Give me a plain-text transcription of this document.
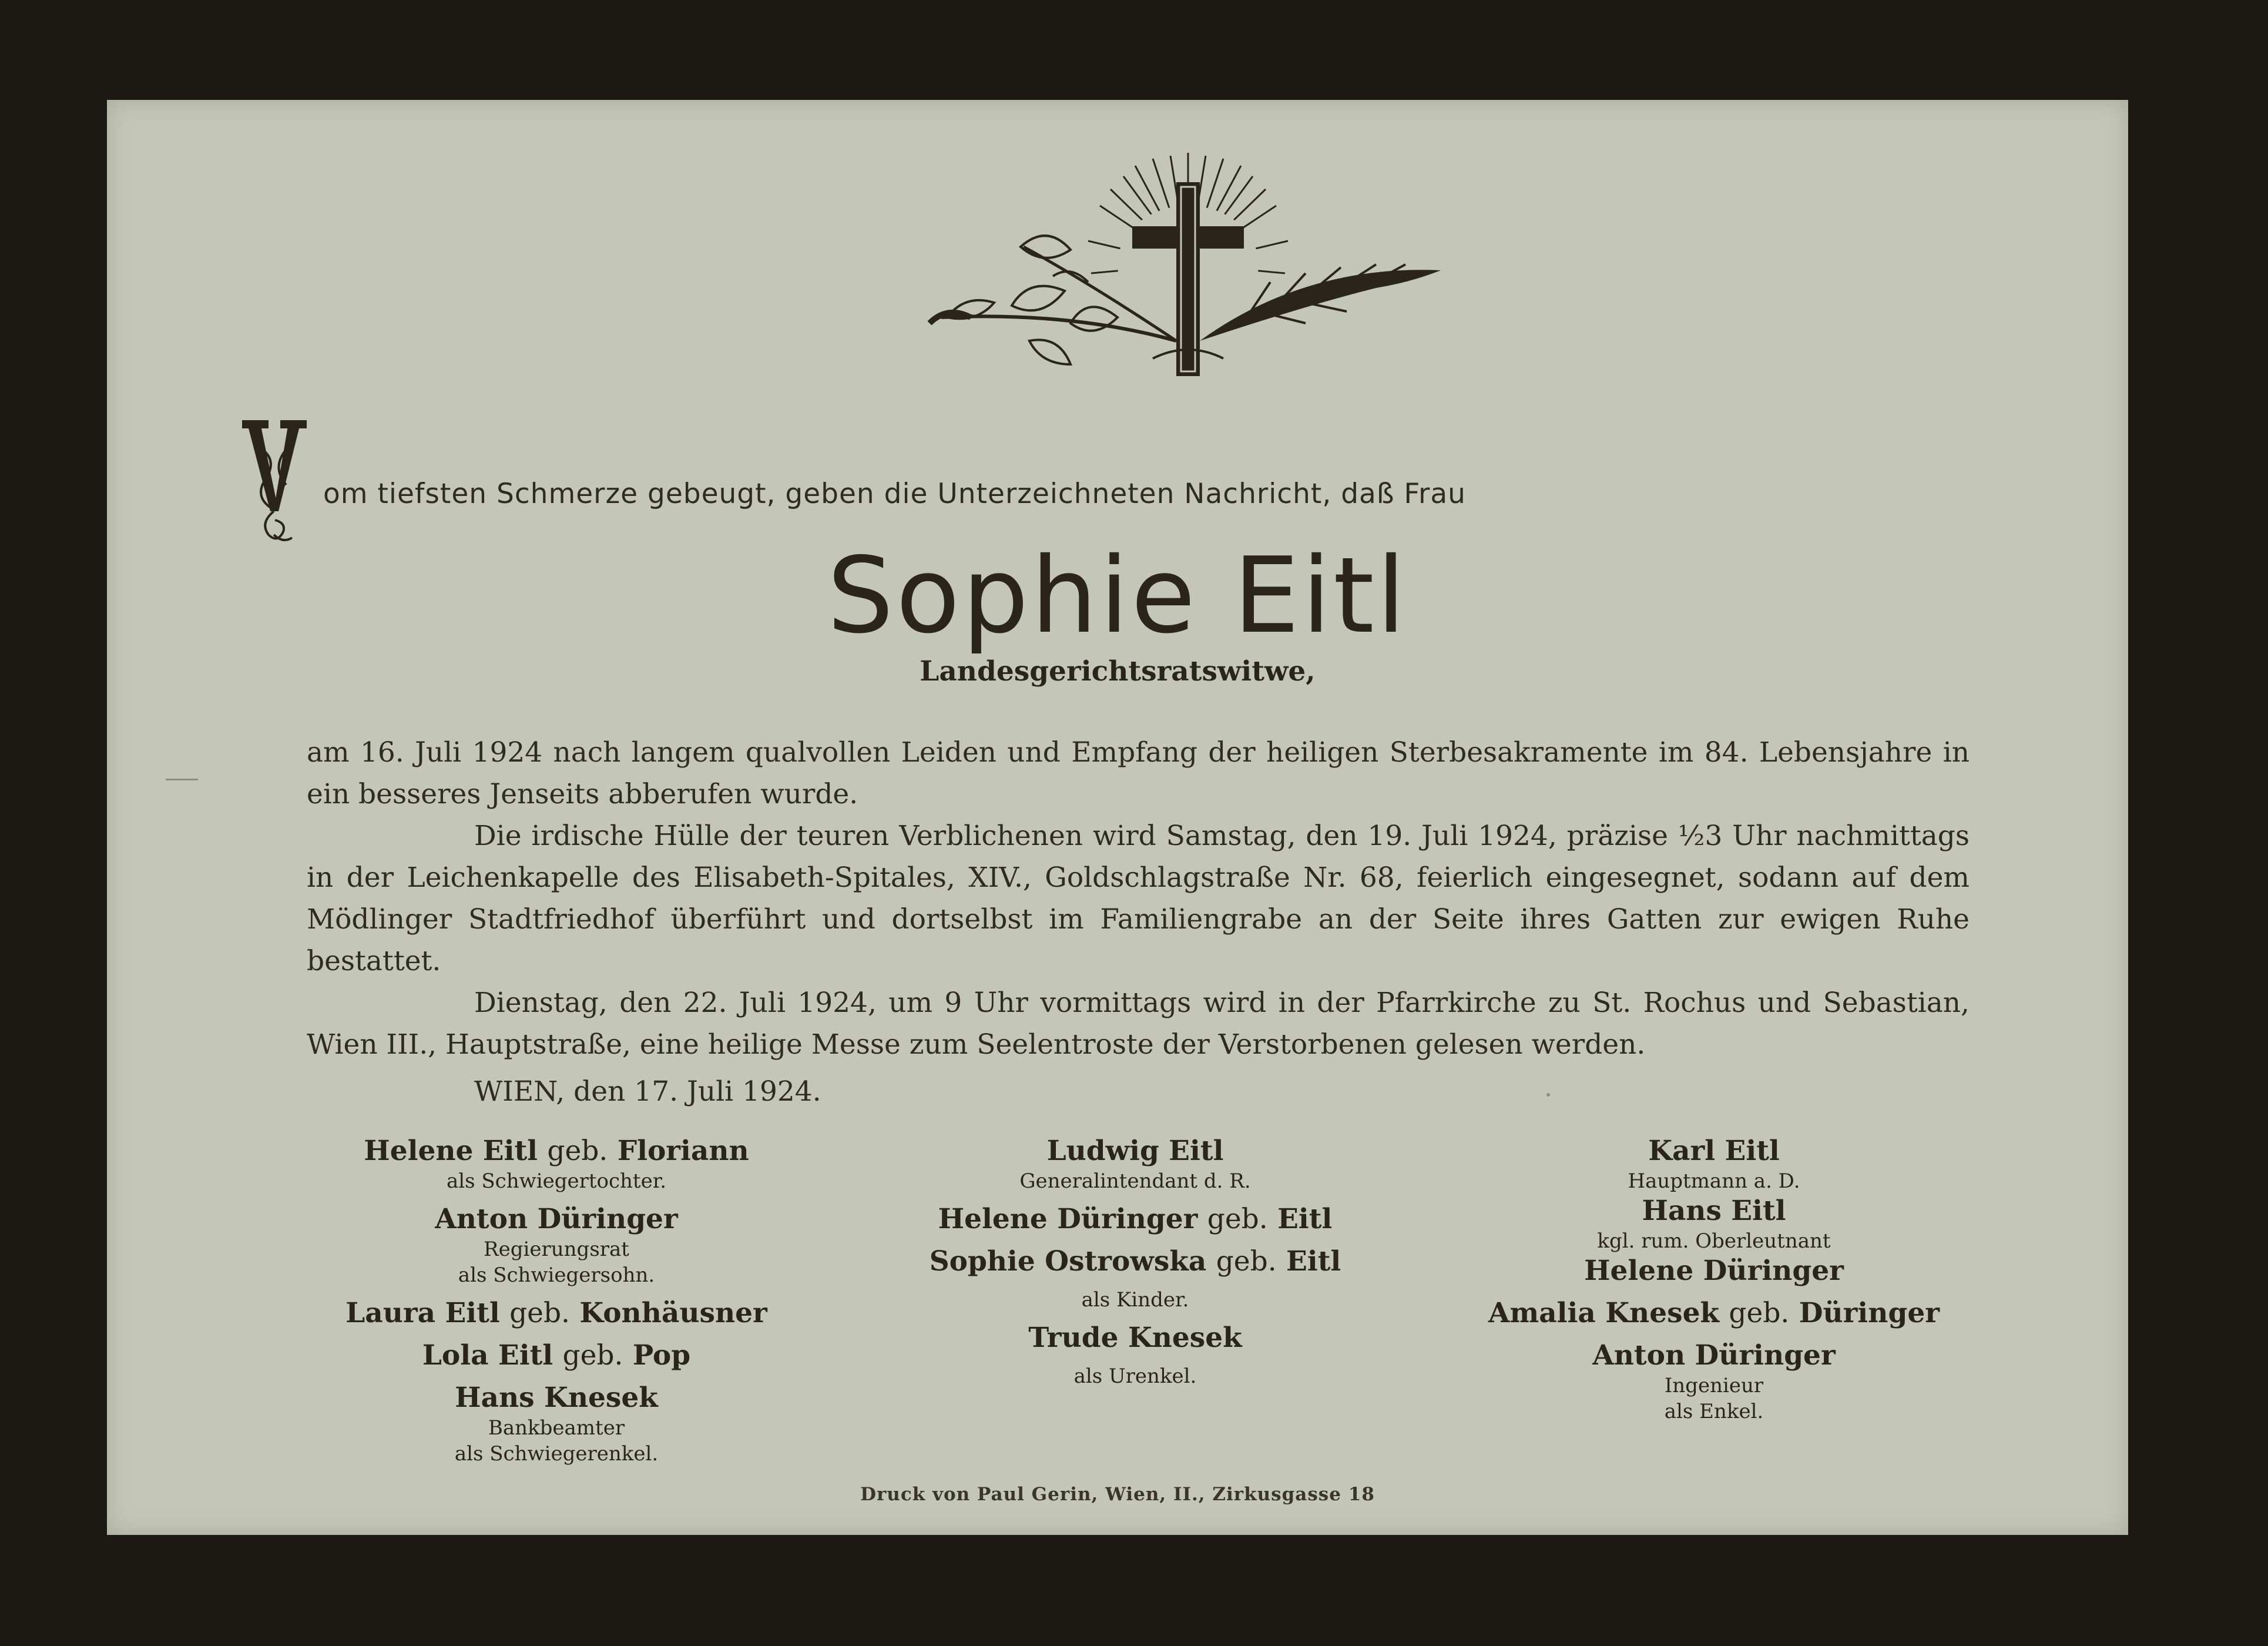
om tiefsten Schmerze gebeugt, geben die Unterzeichneten Nachricht, daß Frau
Sophie Eitl
Landesgerichtsratswitwe,

am 16. Juli 1924 nach langem qualvollen Leiden und Empfang der heiligen Sterbesakramente im 84. Lebensjahre in ein besseres Jenseits abberufen wurde.

Die irdische Hülle der teuren Verblichenen wird Samstag, den 19. Juli 1924, präzise ½3 Uhr nachmittags in der Leichenkapelle des Elisabeth-Spitales, XIV., Goldschlagstraße Nr. 68, feierlich eingesegnet, sodann auf dem Mödlinger Stadtfriedhof überführt und dortselbst im Familiengrabe an der Seite ihres Gatten zur ewigen Ruhe bestattet.

Dienstag, den 22. Juli 1924, um 9 Uhr vormittags wird in der Pfarrkirche zu St. Rochus und Sebastian, Wien III., Hauptstraße, eine heilige Messe zum Seelentroste der Verstorbenen gelesen werden.

WIEN, den 17. Juli 1924.
Helene Eitl geb. Floriann
als Schwiegertochter.
Anton Düringer
Regierungsrat
als Schwiegersohn.
Laura Eitl geb. Konhäusner
Lola Eitl geb. Pop
Hans Knesek
Bankbeamter
als Schwiegerenkel.
Ludwig Eitl
Generalintendant d. R.
Helene Düringer geb. Eitl
Sophie Ostrowska geb. Eitl
als Kinder.
Trude Knesek
als Urenkel.
Karl Eitl
Hauptmann a. D.
Hans Eitl
kgl. rum. Oberleutnant
Helene Düringer
Amalia Knesek geb. Düringer
Anton Düringer
Ingenieur
als Enkel.
Druck von Paul Gerin, Wien, II., Zirkusgasse 18
